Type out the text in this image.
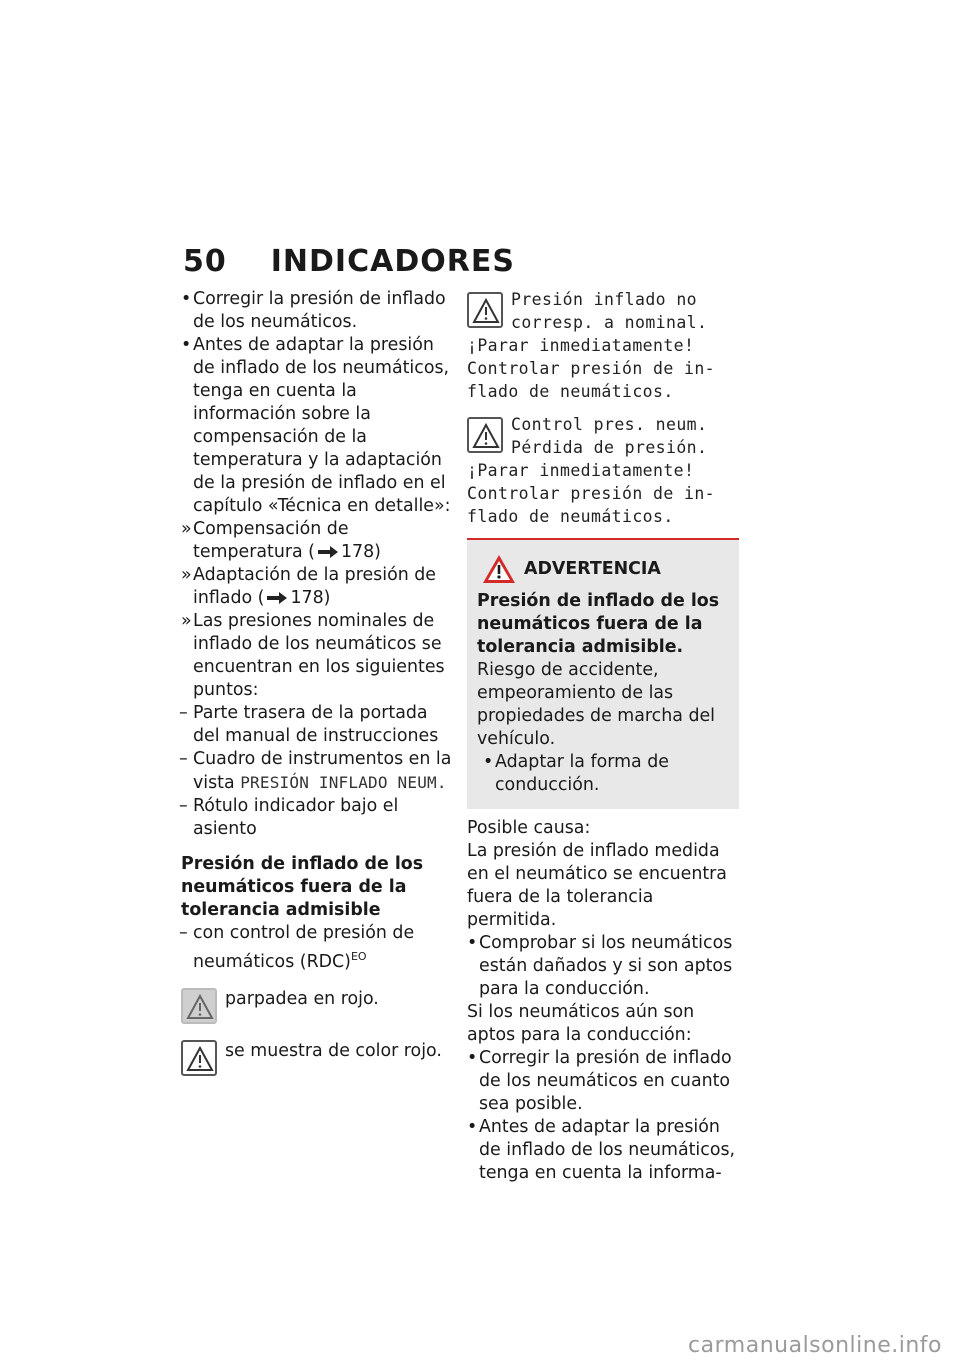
50 INDICADORES
• Corregir la presión de inflado de los neumáticos.
• Antes de adaptar la presión de inflado de los neumáticos, tenga en cuenta la información sobre la compensación de la temperatura y la adaptación de la presión de inflado en el capítulo «Técnica en detalle»:
» Compensación de temperatura ( 178)
» Adaptación de la presión de inflado ( 178)
» Las presiones nominales de inflado de los neumáticos se encuentran en los siguientes puntos:
– Parte trasera de la portada del manual de instrucciones
– Cuadro de instrumentos en la vista PRESIÓN INFLADO NEUM.
– Rótulo indicador bajo el asiento
Presión de inflado de los neumáticos fuera de la tolerancia admisible
– con control de presión de neumáticos (RDC)$^{EO}$
parpadea en rojo.
se muestra de color rojo.

Presión inflado no

corresp. a nominal.

¡Parar inmediatamente!

Controlar presión de in-

flado de neumáticos.

Control pres. neum.

Pérdida de presión.

¡Parar inmediatamente!

Controlar presión de in-

flado de neumáticos.

ADVERTENCIA
Presión de inflado de los neumáticos fuera de la tolerancia admisible.

Riesgo de accidente, empeoramiento de las propiedades de marcha del vehículo.

• Adaptar la forma de conducción.

Posible causa:

La presión de inflado medida en el neumático se encuentra fuera de la tolerancia permitida.

• Comprobar si los neumáticos están dañados y si son aptos para la conducción.

Si los neumáticos aún son aptos para la conducción:

• Corregir la presión de inflado de los neumáticos en cuanto sea posible.
• Antes de adaptar la presión de inflado de los neumáticos, tenga en cuenta la informa-
carmanualsonline.info
